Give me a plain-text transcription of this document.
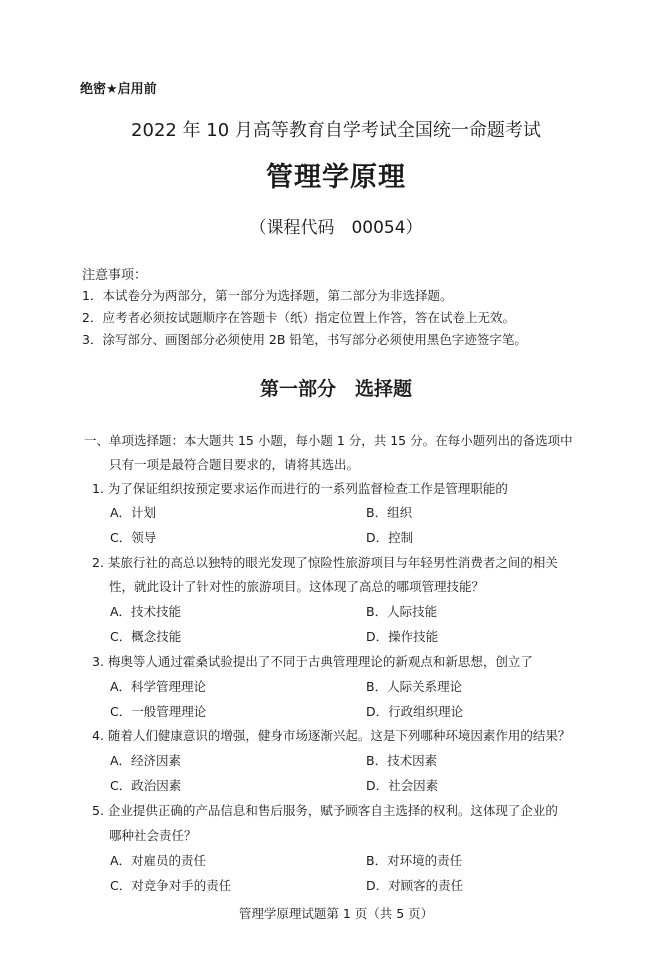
绝密★启用前
2022 年 10 月高等教育自学考试全国统一命题考试
管理学原理
（课程代码　00054）
注意事项：
1．本试卷分为两部分，第一部分为选择题，第二部分为非选择题。
2．应考者必须按试题顺序在答题卡（纸）指定位置上作答，答在试卷上无效。
3．涂写部分、画图部分必须使用 2B 铅笔，书写部分必须使用黑色字迹签字笔。
第一部分　选择题
一、单项选择题：本大题共 15 小题，每小题 1 分，共 15 分。在每小题列出的备选项中
只有一项是最符合题目要求的，请将其选出。
1. 为了保证组织按预定要求运作而进行的一系列监督检查工作是管理职能的
A．计划	B．组织
C．领导	D．控制
2. 某旅行社的高总以独特的眼光发现了惊险性旅游项目与年轻男性消费者之间的相关
性，就此设计了针对性的旅游项目。这体现了高总的哪项管理技能？
A．技术技能	B．人际技能
C．概念技能	D．操作技能
3. 梅奥等人通过霍桑试验提出了不同于古典管理理论的新观点和新思想，创立了
A．科学管理理论	B．人际关系理论
C．一般管理理论	D．行政组织理论
4. 随着人们健康意识的增强，健身市场逐渐兴起。这是下列哪种环境因素作用的结果？
A．经济因素	B．技术因素
C．政治因素	D．社会因素
5. 企业提供正确的产品信息和售后服务，赋予顾客自主选择的权利。这体现了企业的
哪种社会责任？
A．对雇员的责任	B．对环境的责任
C．对竞争对手的责任	D．对顾客的责任
管理学原理试题第 1 页（共 5 页）
